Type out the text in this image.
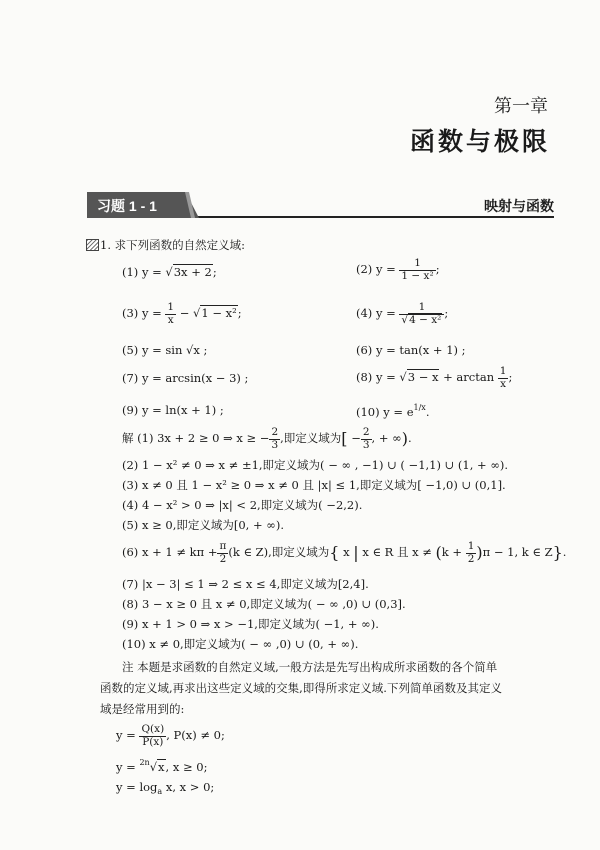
第一章
函数与极限
习题 1 - 1	映射与函数
1. 求下列函数的自然定义域:
(1) y = √3x + 2;	(2) $y = \frac{1}{\text{1 − x²}}$ ;
(3) $y = \frac{1}{x} - √1 - x^2$;	(4) $y = \frac{1}{\text{√4 − x²}}$ ;
(5) y = sin √x ;	(6) y = tan(x + 1) ;
(7) y = arcsin(x − 3) ;	(8) $y = √3 - x + \arctan \frac{1}{x}$ ;
(9) y = ln(x + 1) ;	(10) $y = e^{1/x}$.
解 (1) 3x + 2 ≥ 0 ⇒ x ≥ − $\frac{2}{3}$ ,即定义域为[ − $\frac{2}{3}$ , + ∞).
(2) 1 − x² ≠ 0 ⇒ x ≠ ±1,即定义域为( − ∞ , −1) ∪ ( −1,1) ∪ (1, + ∞).
(3) x ≠ 0 且 1 − x² ≥ 0 ⇒ x ≠ 0 且 |x| ≤ 1,即定义域为[ −1,0) ∪ (0,1].
(4) 4 − x² > 0 ⇒ |x| < 2,即定义域为( −2,2).
(5) x ≥ 0,即定义域为[0, + ∞).
(6) $x + 1 \ne k\pi + \frac{\pi}{2} (k$ ∈ Z),即定义域为{ x | x ∈ R 且 $x \ne (k + \frac{1}{2} )\pi - 1$, k ∈ Z}.
(7) |x − 3| ≤ 1 ⇒ 2 ≤ x ≤ 4,即定义域为[2,4].
(8) 3 − x ≥ 0 且 x ≠ 0,即定义域为( − ∞ ,0) ∪ (0,3].
(9) x + 1 > 0 ⇒ x > −1,即定义域为( −1, + ∞).
(10) x ≠ 0,即定义域为( − ∞ ,0) ∪ (0, + ∞).
注 本题是求函数的自然定义域,一般方法是先写出构成所求函数的各个简单
函数的定义域,再求出这些定义域的交集,即得所求定义域.下列简单函数及其定义
域是经常用到的:
$y = \frac{Q(x)}{P(x)}$ , P(x) ≠ 0;
y = $^{2n}$√x, x ≥ 0;
$y = \log_a x$, x > 0;
